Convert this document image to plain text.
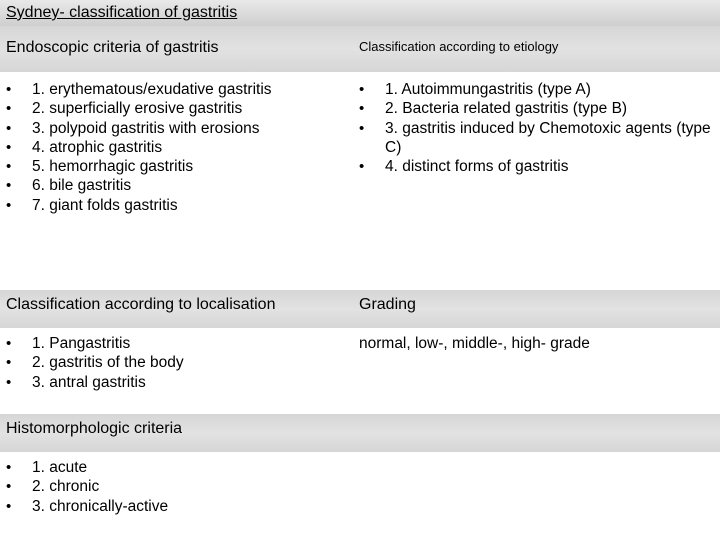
Sydney- classification of gastritis
Endoscopic criteria of gastritis	Classification according to etiology
• 1. erythematous/exudative gastritis
• 2. superficially erosive gastritis
• 3. polypoid gastritis with erosions
• 4. atrophic gastritis
• 5. hemorrhagic gastritis
• 6. bile gastritis
• 7. giant folds gastritis
• 1. Autoimmungastritis (type A)
• 2. Bacteria related gastritis (type B)
• 3. gastritis induced by Chemotoxic agents (type C)
• 4. distinct forms of gastritis
Classification according to localisation	Grading
• 1. Pangastritis
• 2. gastritis of the body
• 3. antral gastritis
normal, low-, middle-, high- grade
Histomorphologic criteria
• 1. acute
• 2. chronic
• 3. chronically-active
